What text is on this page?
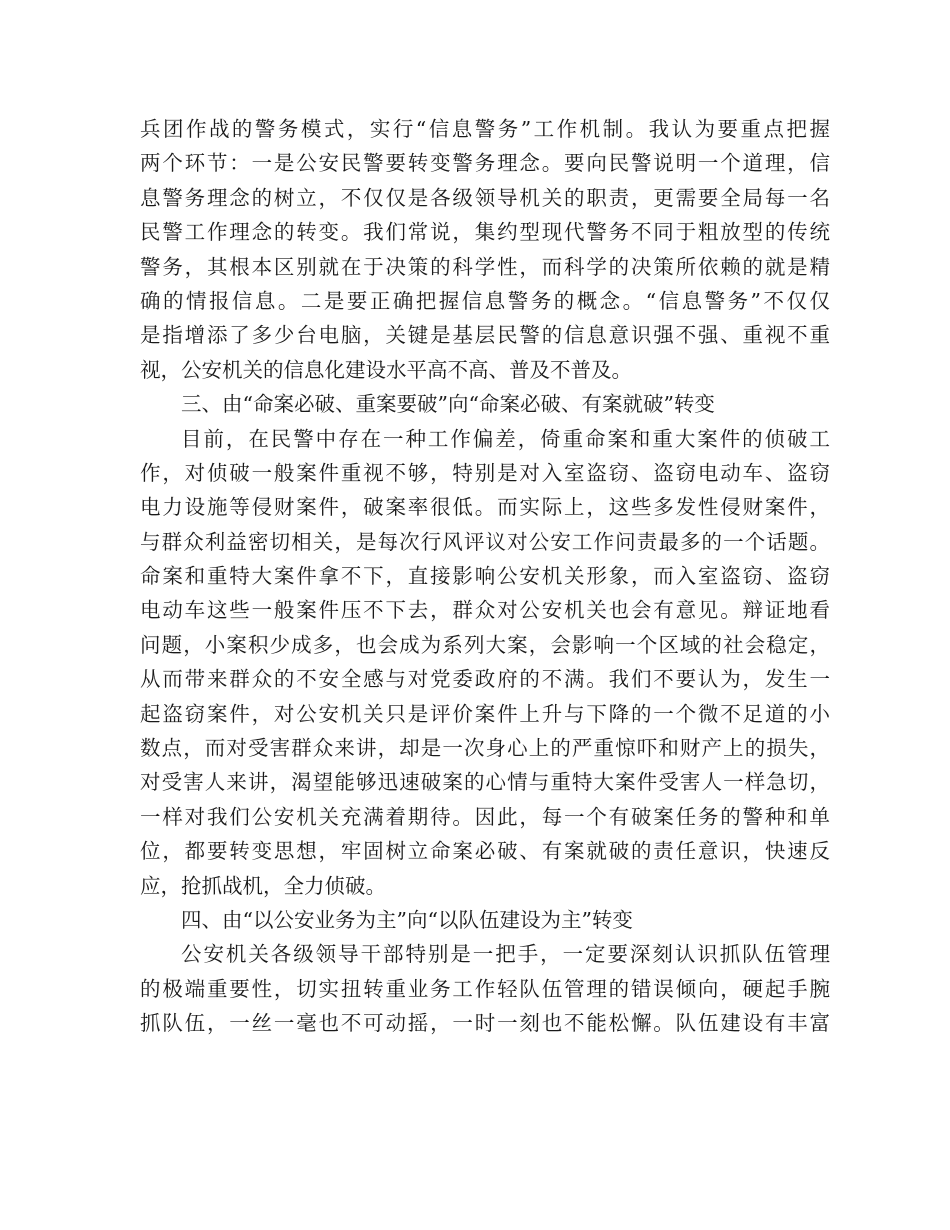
兵团作战的警务模式，实行“信息警务”工作机制。我认为要重点把握
两个环节：一是公安民警要转变警务理念。要向民警说明一个道理，信
息警务理念的树立，不仅仅是各级领导机关的职责，更需要全局每一名
民警工作理念的转变。我们常说，集约型现代警务不同于粗放型的传统
警务，其根本区别就在于决策的科学性，而科学的决策所依赖的就是精
确的情报信息。二是要正确把握信息警务的概念。“信息警务”不仅仅
是指增添了多少台电脑，关键是基层民警的信息意识强不强、重视不重
视，公安机关的信息化建设水平高不高、普及不普及。
三、由“命案必破、重案要破”向“命案必破、有案就破”转变
目前，在民警中存在一种工作偏差，倚重命案和重大案件的侦破工
作，对侦破一般案件重视不够，特别是对入室盗窃、盗窃电动车、盗窃
电力设施等侵财案件，破案率很低。而实际上，这些多发性侵财案件，
与群众利益密切相关，是每次行风评议对公安工作问责最多的一个话题。
命案和重特大案件拿不下，直接影响公安机关形象，而入室盗窃、盗窃
电动车这些一般案件压不下去，群众对公安机关也会有意见。辩证地看
问题，小案积少成多，也会成为系列大案，会影响一个区域的社会稳定，
从而带来群众的不安全感与对党委政府的不满。我们不要认为，发生一
起盗窃案件，对公安机关只是评价案件上升与下降的一个微不足道的小
数点，而对受害群众来讲，却是一次身心上的严重惊吓和财产上的损失，
对受害人来讲，渴望能够迅速破案的心情与重特大案件受害人一样急切，
一样对我们公安机关充满着期待。因此，每一个有破案任务的警种和单
位，都要转变思想，牢固树立命案必破、有案就破的责任意识，快速反
应，抢抓战机，全力侦破。
四、由“以公安业务为主”向“以队伍建设为主”转变
公安机关各级领导干部特别是一把手，一定要深刻认识抓队伍管理
的极端重要性，切实扭转重业务工作轻队伍管理的错误倾向，硬起手腕
抓队伍，一丝一毫也不可动摇，一时一刻也不能松懈。队伍建设有丰富
